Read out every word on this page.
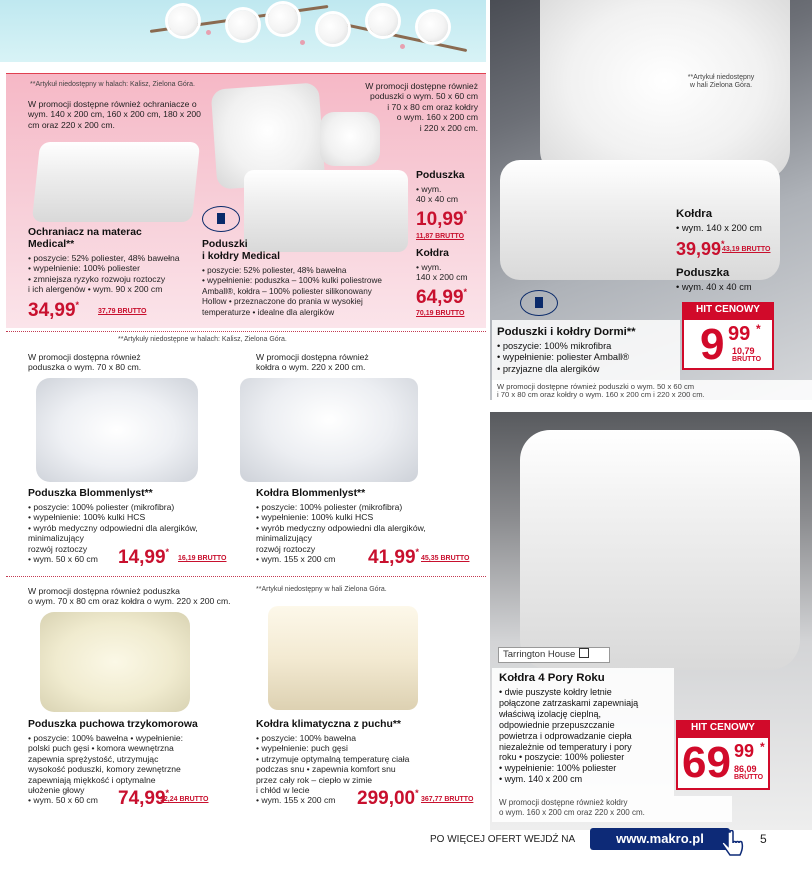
**Artykuł niedostępny w halach: Kalisz, Zielona Góra.
W promocji dostępne również ochraniacze o wym. 140 x 200 cm, 160 x 200 cm, 180 x 200 cm oraz 220 x 200 cm.
W promocji dostępne również
poduszki o wym. 50 x 60 cm
i 70 x 80 cm oraz kołdry
o wym. 160 x 200 cm
i 220 x 200 cm.
Ochraniacz na materac
Medical**
• poszycie: 52% poliester, 48% bawełna
• wypełnienie: 100% poliester
• zmniejsza ryzyko rozwoju roztoczy
i ich alergenów • wym. 90 x 200 cm
34,99*
37,79 BRUTTO
Poduszki
i kołdry Medical
• poszycie: 52% poliester, 48% bawełna
• wypełnienie: poduszka – 100% kulki poliestrowe
Amball®, kołdra – 100% poliester silikonowany
Hollow • przeznaczone do prania w wysokiej
temperaturze • idealne dla alergików
Poduszka
• wym.
40 x 40 cm
10,99*
11,87 BRUTTO
Kołdra
• wym.
140 x 200 cm
64,99*
70,19 BRUTTO
**Artykuły niedostępne w halach: Kalisz, Zielona Góra.
W promocji dostępna również
poduszka o wym. 70 x 80 cm.
W promocji dostępna również
kołdra o wym. 220 x 200 cm.
Poduszka Blommenlyst**
• poszycie: 100% poliester (mikrofibra)
• wypełnienie: 100% kulki HCS
• wyrób medyczny odpowiedni dla alergików,
minimalizujący
rozwój roztoczy
• wym. 50 x 60 cm	14,99*
16,19 BRUTTO
Kołdra Blommenlyst**
• poszycie: 100% poliester (mikrofibra)
• wypełnienie: 100% kulki HCS
• wyrób medyczny odpowiedni dla alergików,
minimalizujący
rozwój roztoczy
• wym. 155 x 200 cm	41,99*
45,35 BRUTTO
W promocji dostępna również poduszka
o wym. 70 x 80 cm oraz kołdra o wym. 220 x 200 cm.
**Artykuł niedostępny w hali Zielona Góra.
Poduszka puchowa trzykomorowa
• poszycie: 100% bawełna • wypełnienie:
polski puch gęsi • komora wewnętrzna
zapewnia sprężystość, utrzymując
wysokość poduszki, komory zewnętrzne
zapewniają miękkość i optymalne
ułożenie głowy
• wym. 50 x 60 cm	74,99*
92,24 BRUTTO
Kołdra klimatyczna z puchu**
• poszycie: 100% bawełna
• wypełnienie: puch gęsi
• utrzymuje optymalną temperaturę ciała
podczas snu • zapewnia komfort snu
przez cały rok – ciepło w zimie
i chłód w lecie
• wym. 155 x 200 cm	299,00*
367,77 BRUTTO
**Artykuł niedostępny
w hali Zielona Góra.
Kołdra
• wym. 140 x 200 cm
39,99*
43,19 BRUTTO
Poduszka
• wym. 40 x 40 cm
HIT CENOWY
9 99 *
10,79
BRUTTO
Poduszki i kołdry Dormi**
• poszycie: 100% mikrofibra
• wypełnienie: poliester Amball®
• przyjazne dla alergików
W promocji dostępne również poduszki o wym. 50 x 60 cm
i 70 x 80 cm oraz kołdry o wym. 160 x 200 cm i 220 x 200 cm.
Tarrington House
Kołdra 4 Pory Roku
• dwie puszyste kołdry letnie
połączone zatrzaskami zapewniają
właściwą izolację cieplną,
odpowiednie przepuszczanie
powietrza i odprowadzanie ciepła
niezależnie od temperatury i pory
roku • poszycie: 100% poliester
• wypełnienie: 100% poliester
• wym. 140 x 200 cm
HIT CENOWY
69 99 *
86,09
BRUTTO
W promocji dostępne również kołdry
o wym. 160 x 200 cm oraz 220 x 200 cm.
PO WIĘCEJ OFERT WEJDŹ NA	www.makro.pl	5
